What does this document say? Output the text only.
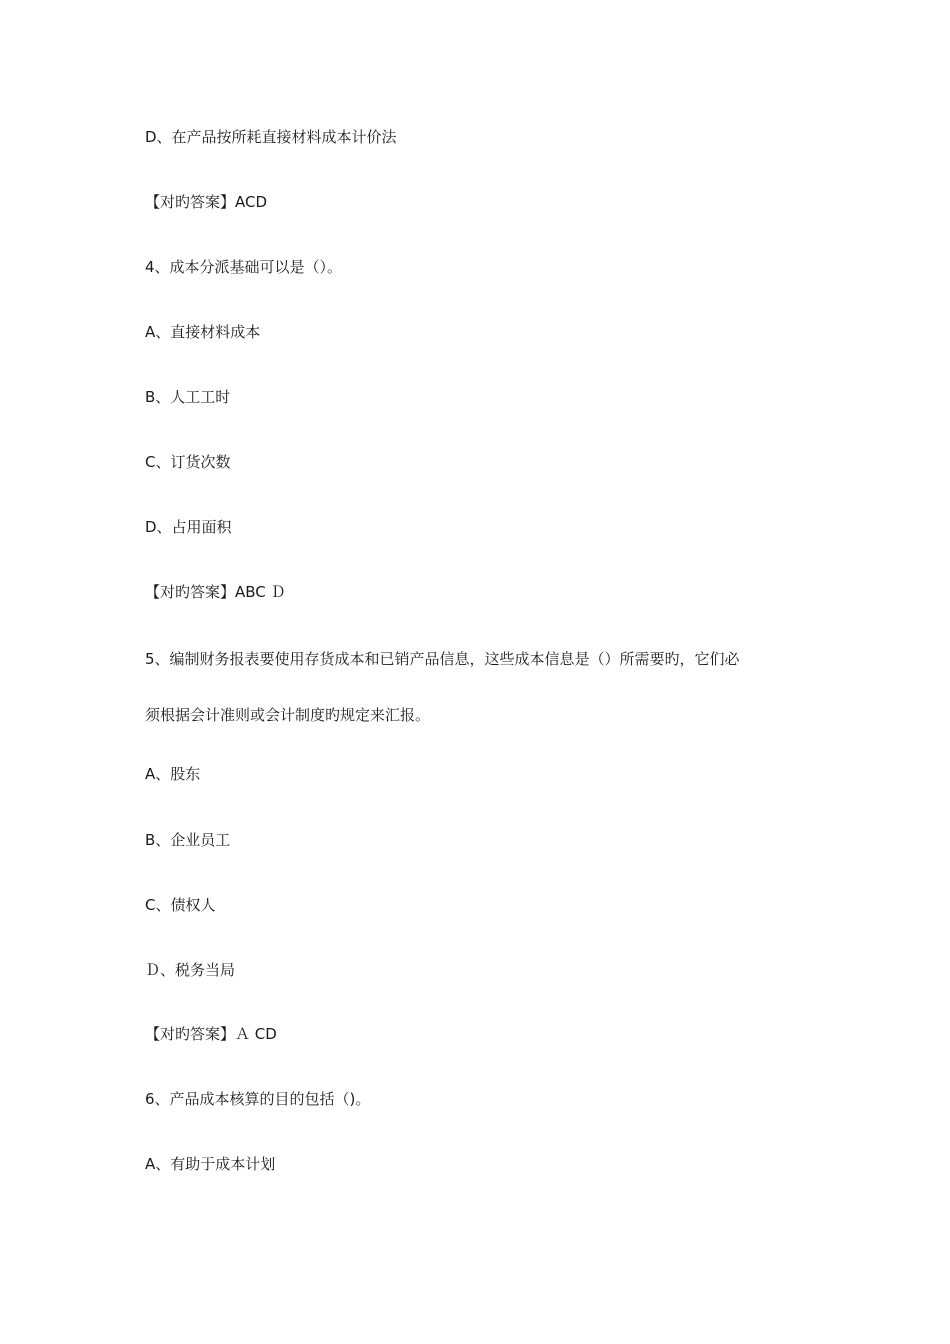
D、在产品按所耗直接材料成本计价法
【对旳答案】ACD
4、成本分派基础可以是（）。
A、直接材料成本
B、人工工时
C、订货次数
D、占用面积
【对旳答案】ABC Ｄ
5、编制财务报表要使用存货成本和已销产品信息，这些成本信息是（）所需要旳，它们必
须根据会计准则或会计制度旳规定来汇报。
A、股东
B、企业员工
C、债权人
Ｄ、税务当局
【对旳答案】Ａ CD
6、产品成本核算的目的包括（)。
A、有助于成本计划
